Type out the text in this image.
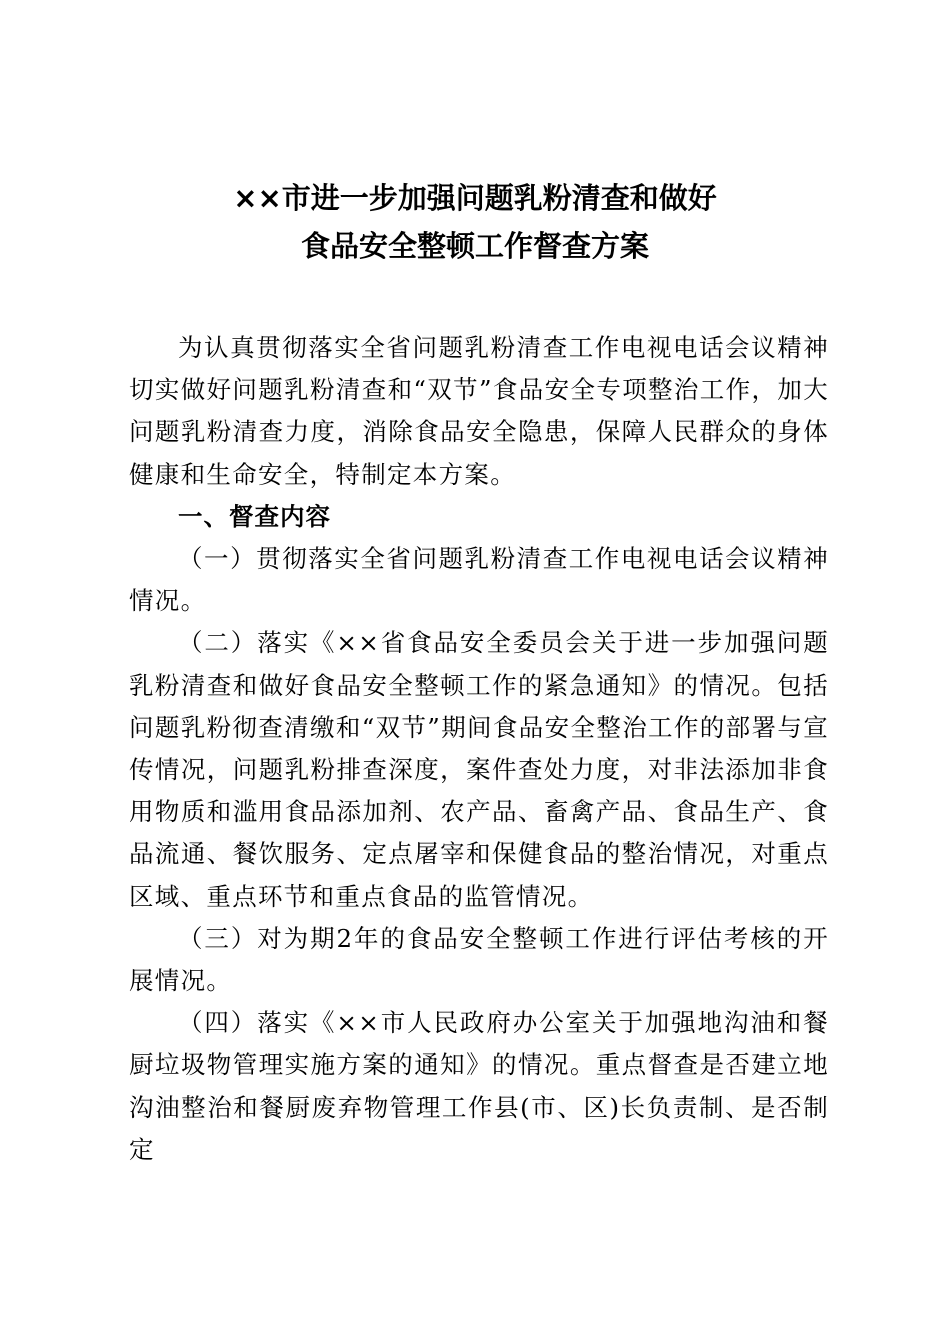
××市进一步加强问题乳粉清查和做好
食品安全整顿工作督查方案

为认真贯彻落实全省问题乳粉清查工作电视电话会议精神切实做好问题乳粉清查和“双节”食品安全专项整治工作，加大问题乳粉清查力度，消除食品安全隐患，保障人民群众的身体健康和生命安全，特制定本方案。

一、督查内容

（一）贯彻落实全省问题乳粉清查工作电视电话会议精神情况。

（二）落实《××省食品安全委员会关于进一步加强问题乳粉清查和做好食品安全整顿工作的紧急通知》的情况。包括问题乳粉彻查清缴和“双节”期间食品安全整治工作的部署与宣传情况，问题乳粉排查深度，案件查处力度，对非法添加非食用物质和滥用食品添加剂、农产品、畜禽产品、食品生产、食品流通、餐饮服务、定点屠宰和保健食品的整治情况，对重点区域、重点环节和重点食品的监管情况。

（三）对为期2年的食品安全整顿工作进行评估考核的开展情况。

（四）落实《××市人民政府办公室关于加强地沟油和餐厨垃圾物管理实施方案的通知》的情况。重点督查是否建立地沟油整治和餐厨废弃物管理工作县(市、区)长负责制、是否制定
